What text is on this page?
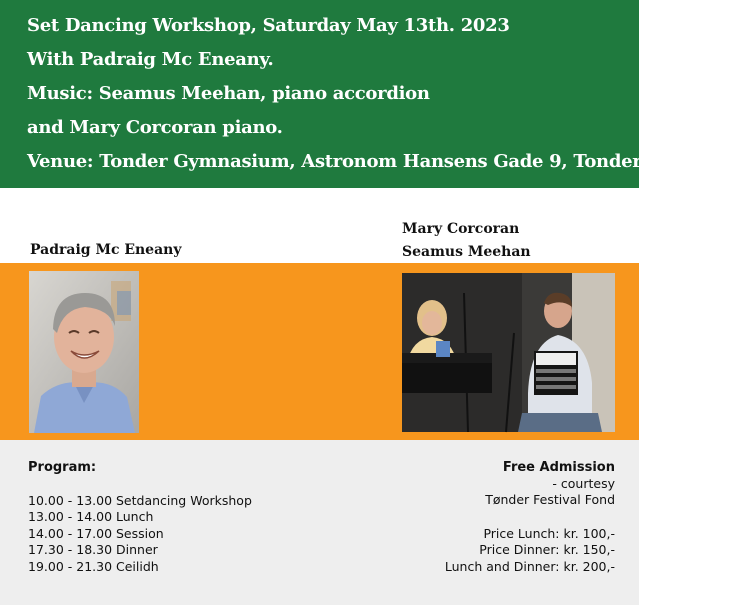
Set Dancing Workshop, Saturday May 13th. 2023
With Padraig Mc Eneany.
Music: Seamus Meehan, piano accordion
and Mary Corcoran piano.
Venue: Tonder Gymnasium, Astronom Hansens Gade 9, Tonder, Denmark.
Padraig Mc Eneany
Mary Corcoran
Seamus Meehan
Program:
10.00 - 13.00 Setdancing Workshop
13.00 - 14.00 Lunch
14.00 - 17.00 Session
17.30 - 18.30 Dinner
19.00 - 21.30 Ceilidh
Free Admission
- courtesy
Tønder Festival Fond
Price Lunch: kr. 100,-
Price Dinner: kr. 150,-
Lunch and Dinner: kr. 200,-
